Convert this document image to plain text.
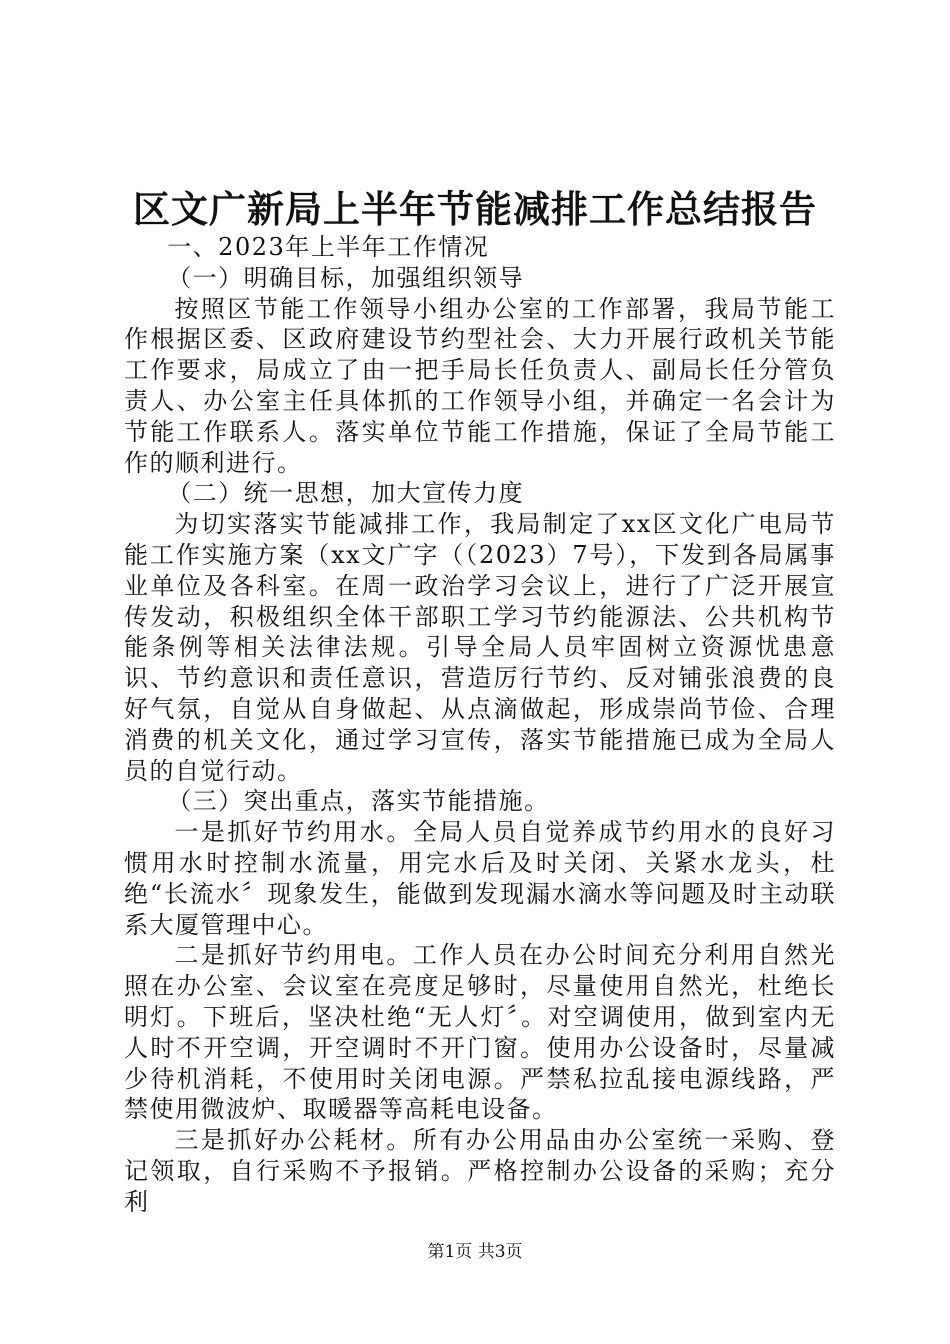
区文广新局上半年节能减排工作总结报告

一、2023年上半年工作情况

（一）明确目标，加强组织领导

按照区节能工作领导小组办公室的工作部署，我局节能工作根据区委、区政府建设节约型社会、大力开展行政机关节能工作要求，局成立了由一把手局长任负责人、副局长任分管负责人、办公室主任具体抓的工作领导小组，并确定一名会计为节能工作联系人。落实单位节能工作措施，保证了全局节能工作的顺利进行。

（二）统一思想，加大宣传力度

为切实落实节能减排工作，我局制定了xx区文化广电局节能工作实施方案（xx文广字（（2023）7号），下发到各局属事业单位及各科室。在周一政治学习会议上，进行了广泛开展宣传发动，积极组织全体干部职工学习节约能源法、公共机构节能条例等相关法律法规。引导全局人员牢固树立资源忧患意识、节约意识和责任意识，营造厉行节约、反对铺张浪费的良好气氛，自觉从自身做起、从点滴做起，形成崇尚节俭、合理消费的机关文化，通过学习宣传，落实节能措施已成为全局人员的自觉行动。

（三）突出重点，落实节能措施。

一是抓好节约用水。全局人员自觉养成节约用水的良好习惯用水时控制水流量，用完水后及时关闭、关紧水龙头，杜绝“长流水〞现象发生，能做到发现漏水滴水等问题及时主动联系大厦管理中心。

二是抓好节约用电。工作人员在办公时间充分利用自然光照在办公室、会议室在亮度足够时，尽量使用自然光，杜绝长明灯。下班后，坚决杜绝“无人灯〞。对空调使用，做到室内无人时不开空调，开空调时不开门窗。使用办公设备时，尽量减少待机消耗，不使用时关闭电源。严禁私拉乱接电源线路，严禁使用微波炉、取暖器等高耗电设备。

三是抓好办公耗材。所有办公用品由办公室统一采购、登记领取，自行采购不予报销。严格控制办公设备的采购；充分利

第1页 共3页
